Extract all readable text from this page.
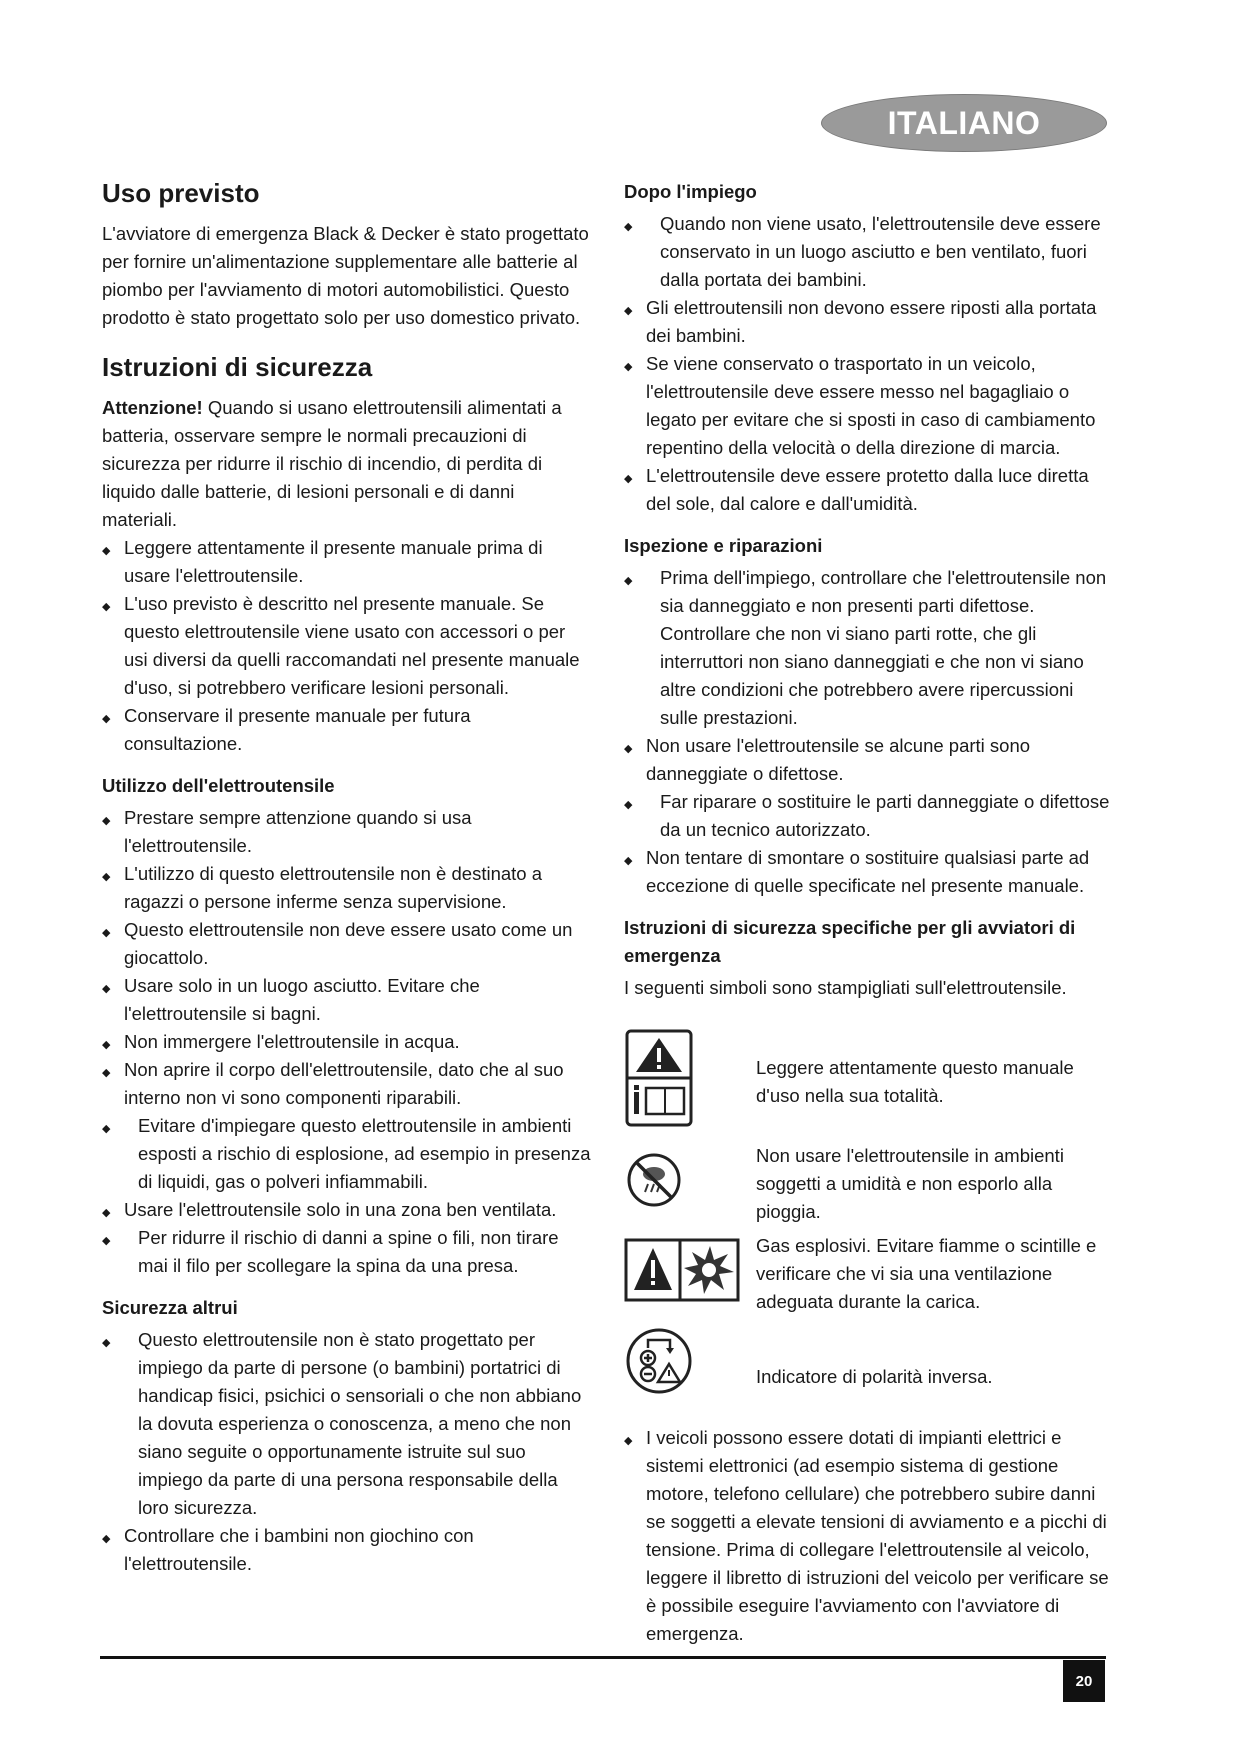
ITALIANO
Uso previsto

L'avviatore di emergenza Black & Decker è stato progettato per fornire un'alimentazione supplementare alle batterie al piombo per l'avviamento di motori automobilistici. Questo prodotto è stato progettato solo per uso domestico privato.

Istruzioni di sicurezza

Attenzione! Quando si usano elettroutensili alimentati a batteria, osservare sempre le normali precauzioni di sicurezza per ridurre il rischio di incendio, di perdita di liquido dalle batterie, di lesioni personali e di danni materiali.

◆ Leggere attentamente il presente manuale prima di usare l'elettroutensile.
◆ L'uso previsto è descritto nel presente manuale. Se questo elettroutensile viene usato con accessori o per usi diversi da quelli raccomandati nel presente manuale d'uso, si potrebbero verificare lesioni personali.
◆ Conservare il presente manuale per futura consultazione.
Utilizzo dell'elettroutensile
◆ Prestare sempre attenzione quando si usa l'elettroutensile.
◆ L'utilizzo di questo elettroutensile non è destinato a ragazzi o persone inferme senza supervisione.
◆ Questo elettroutensile non deve essere usato come un giocattolo.
◆ Usare solo in un luogo asciutto. Evitare che l'elettroutensile si bagni.
◆ Non immergere l'elettroutensile in acqua.
◆ Non aprire il corpo dell'elettroutensile, dato che al suo interno non vi sono componenti riparabili.
◆ Evitare d'impiegare questo elettroutensile in ambienti esposti a rischio di esplosione, ad esempio in presenza di liquidi, gas o polveri infiammabili.
◆ Usare l'elettroutensile solo in una zona ben ventilata.
◆ Per ridurre il rischio di danni a spine o fili, non tirare mai il filo per scollegare la spina da una presa.
Sicurezza altrui
◆ Questo elettroutensile non è stato progettato per impiego da parte di persone (o bambini) portatrici di handicap fisici, psichici o sensoriali o che non abbiano la dovuta esperienza o conoscenza, a meno che non siano seguite o opportunamente istruite sul suo impiego da parte di una persona responsabile della loro sicurezza.
◆ Controllare che i bambini non giochino con l'elettroutensile.
Dopo l'impiego
◆ Quando non viene usato, l'elettroutensile deve essere conservato in un luogo asciutto e ben ventilato, fuori dalla portata dei bambini.
◆ Gli elettroutensili non devono essere riposti alla portata dei bambini.
◆ Se viene conservato o trasportato in un veicolo, l'elettroutensile deve essere messo nel bagagliaio o legato per evitare che si sposti in caso di cambiamento repentino della velocità o della direzione di marcia.
◆ L'elettroutensile deve essere protetto dalla luce diretta del sole, dal calore e dall'umidità.
Ispezione e riparazioni
◆ Prima dell'impiego, controllare che l'elettroutensile non sia danneggiato e non presenti parti difettose. Controllare che non vi siano parti rotte, che gli interruttori non siano danneggiati e che non vi siano altre condizioni che potrebbero avere ripercussioni sulle prestazioni.
◆ Non usare l'elettroutensile se alcune parti sono danneggiate o difettose.
◆ Far riparare o sostituire le parti danneggiate o difettose da un tecnico autorizzato.
◆ Non tentare di smontare o sostituire qualsiasi parte ad eccezione di quelle specificate nel presente manuale.
Istruzioni di sicurezza specifiche per gli avviatori di emergenza

I seguenti simboli sono stampigliati sull'elettroutensile.

Leggere attentamente questo manuale d'uso nella sua totalità.
Non usare l'elettroutensile in ambienti soggetti a umidità e non esporlo alla pioggia.
Gas esplosivi. Evitare fiamme o scintille e verificare che vi sia una ventilazione adeguata durante la carica.
Indicatore di polarità inversa.
◆ I veicoli possono essere dotati di impianti elettrici e sistemi elettronici (ad esempio sistema di gestione motore, telefono cellulare) che potrebbero subire danni se soggetti a elevate tensioni di avviamento e a picchi di tensione. Prima di collegare l'elettroutensile al veicolo, leggere il libretto di istruzioni del veicolo per verificare se è possibile eseguire l'avviamento con l'avviatore di emergenza.
20
